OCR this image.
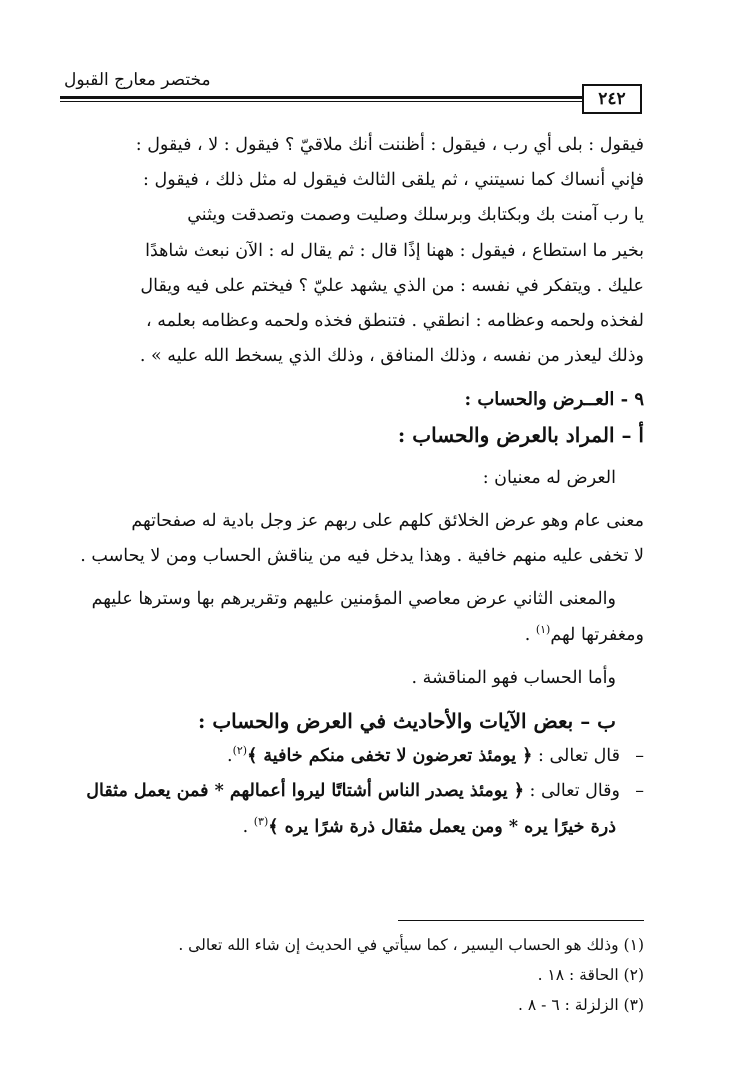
مختصر معارج القبول
٢٤٢

فيقول : بلى أي رب ، فيقول : أظننت أنك ملاقيّ ؟ فيقول : لا ، فيقول :

فإني أنساك كما نسيتني ، ثم يلقى الثالث فيقول له مثل ذلك ، فيقول :

يا رب آمنت بك وبكتابك وبرسلك وصليت وصمت وتصدقت ويثني

بخير ما استطاع ، فيقول : ههنا إذًا قال : ثم يقال له : الآن نبعث شاهدًا

عليك . ويتفكر في نفسه : من الذي يشهد عليّ ؟ فيختم على فيه ويقال

لفخذه ولحمه وعظامه : انطقي . فتنطق فخذه ولحمه وعظامه بعلمه ،

وذلك ليعذر من نفسه ، وذلك المنافق ، وذلك الذي يسخط الله عليه » .

٩ - العــرض والحساب :

أ – المراد بالعرض والحساب :

العرض له معنيان :

معنى عام وهو عرض الخلائق كلهم على ربهم عز وجل بادية له صفحاتهم

لا تخفى عليه منهم خافية . وهذا يدخل فيه من يناقش الحساب ومن لا يحاسب .

والمعنى الثاني عرض معاصي المؤمنين عليهم وتقريرهم بها وسترها عليهم

ومغفرتها لهم$^{(١)}$ .

وأما الحساب فهو المناقشة .

ب – بعض الآيات والأحاديث في العرض والحساب :

–
قال تعالى : ﴿ يومئذ تعرضون لا تخفى منكم خافية ﴾$^{(٢)}$.

–
وقال تعالى : ﴿ يومئذ يصدر الناس أشتاتًا ليروا أعمالهم * فمن يعمل مثقال

ذرة خيرًا يره * ومن يعمل مثقال ذرة شرًا يره ﴾$^{(٣)}$ .

(١) وذلك هو الحساب اليسير ، كما سيأتي في الحديث إن شاء الله تعالى .

(٢) الحاقة : ١٨ .

(٣) الزلزلة : ٦ - ٨ .
